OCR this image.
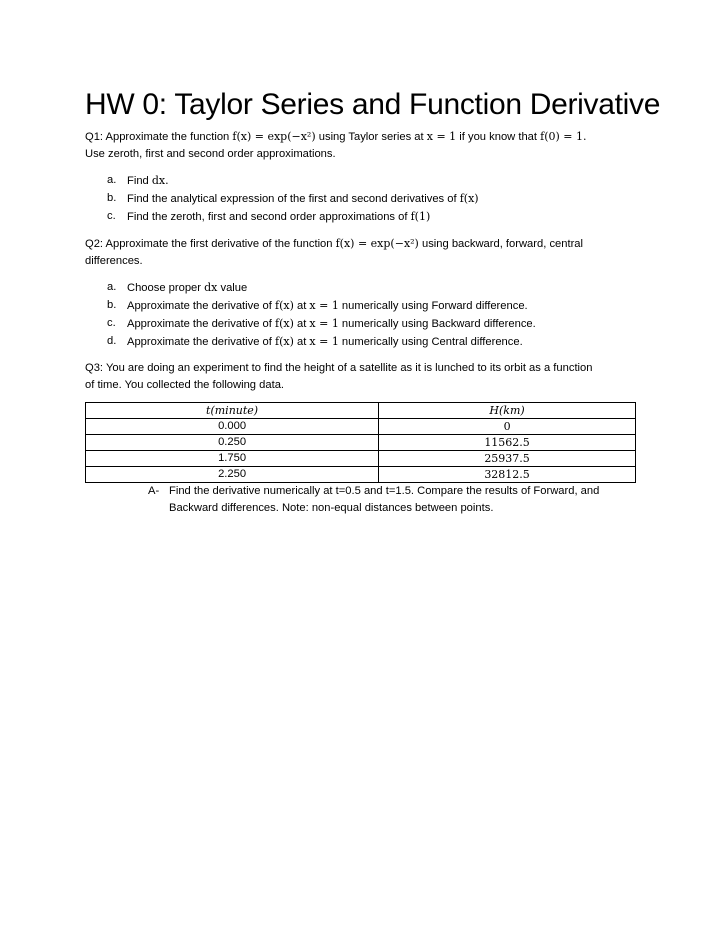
HW 0: Taylor Series and Function Derivative

Q1: Approximate the function f(x) = exp(−x²) using Taylor series at x = 1 if you know that f(0) = 1.

Use zeroth, first and second order approximations.

a. Find dx.
b. Find the analytical expression of the first and second derivatives of f(x)
c.	Find the zeroth, first and second order approximations of f(1)

Q2: Approximate the first derivative of the function f(x) = exp(−x²) using backward, forward, central

differences.

a. Choose proper dx value
b. Approximate the derivative of f(x) at x = 1 numerically using Forward difference.
c.	Approximate the derivative of f(x) at x = 1 numerically using Backward difference.
d. Approximate the derivative of f(x) at x = 1 numerically using Central difference.

Q3: You are doing an experiment to find the height of a satellite as it is lunched to its orbit as a function

of time. You collected the following data.

t(minute)	H(km)
0.000	0
0.250	11562.5
1.750	25937.5
2.250	32812.5
A- Find the derivative numerically at t=0.5 and t=1.5. Compare the results of Forward, and Backward differences. Note: non-equal distances between points.
